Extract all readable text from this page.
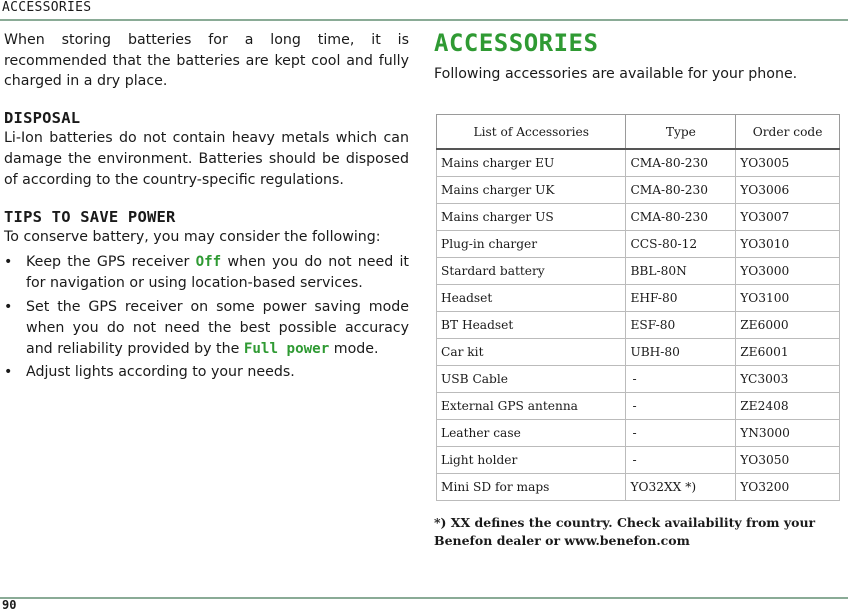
ACCESSORIES

When storing batteries for a long time, it is recommended that the batteries are kept cool and fully charged in a dry place.

DISPOSAL

Li-Ion batteries do not contain heavy metals which can damage the environment. Batteries should be disposed of according to the country-specific regulations.

TIPS TO SAVE POWER

To conserve battery, you may consider the following:

• Keep the GPS receiver Off when you do not need it for navigation or using location-based services.
• Set the GPS receiver on some power saving mode when you do not need the best possible accuracy and reliability provided by the Full power mode.
• Adjust lights according to your needs.
ACCESSORIES

Following accessories are available for your phone.

List of Accessories	Type	Order code
Mains charger EU	CMA-80-230	YO3005
Mains charger UK	CMA-80-230	YO3006
Mains charger US	CMA-80-230	YO3007
Plug-in charger	CCS-80-12	YO3010
Stardard battery	BBL-80N	YO3000
Headset	EHF-80	YO3100
BT Headset	ESF-80	ZE6000
Car kit	UBH-80	ZE6001
USB Cable	-	YC3003
External GPS antenna	-	ZE2408
Leather case	-	YN3000
Light holder	-	YO3050
Mini SD for maps	YO32XX *)	YO3200
*) XX defines the country. Check availability from your Benefon dealer or www.benefon.com
90
